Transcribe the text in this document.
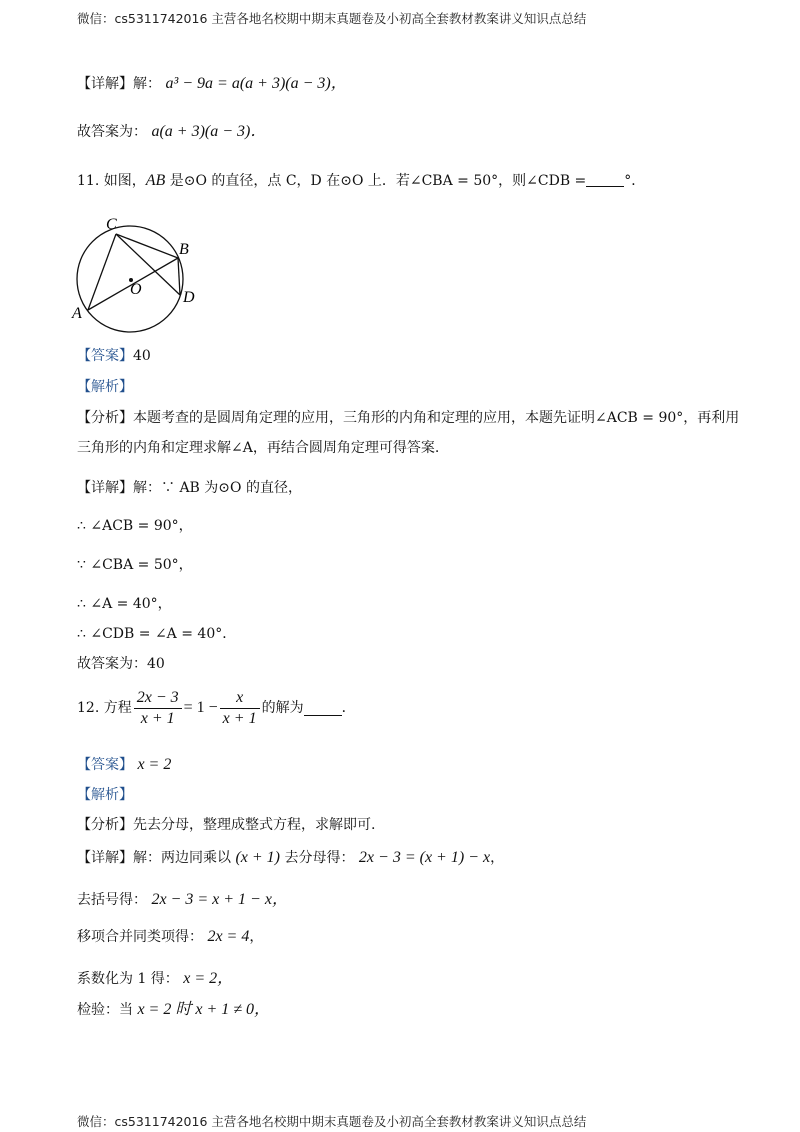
微信：cs5311742016 主营各地名校期中期末真题卷及小初高全套教材教案讲义知识点总结
【详解】解： a³ − 9a = a(a + 3)(a − 3)，
故答案为： a(a + 3)(a − 3)．
11. 如图，AB 是⊙O 的直径，点 C，D 在⊙O 上．若∠CBA = 50°，则∠CDB =	°．
C
B
O	D
A
【答案】40
【解析】
【分析】本题考查的是圆周角定理的应用，三角形的内角和定理的应用，本题先证明∠ACB = 90°，再利用
三角形的内角和定理求解∠A，再结合圆周角定理可得答案.
【详解】解：∵ AB 为⊙O 的直径，
∴ ∠ACB = 90°，
∵ ∠CBA = 50°，
∴ ∠A = 40°，
∴ ∠CDB = ∠A = 40°．
故答案为：40
12. 方程 $\frac{2x - 3}{x + 1} = 1 - \frac{x}{x + 1}$ 的解为	．
【答案】 x = 2
【解析】
【分析】先去分母，整理成整式方程，求解即可.
【详解】解：两边同乘以 (x + 1) 去分母得： 2x − 3 = (x + 1) − x，
去括号得： 2x − 3 = x + 1 − x，
移项合并同类项得： 2x = 4，
系数化为 1 得： x = 2，
检验：当 x = 2 时 x + 1 ≠ 0，
微信：cs5311742016 主营各地名校期中期末真题卷及小初高全套教材教案讲义知识点总结
